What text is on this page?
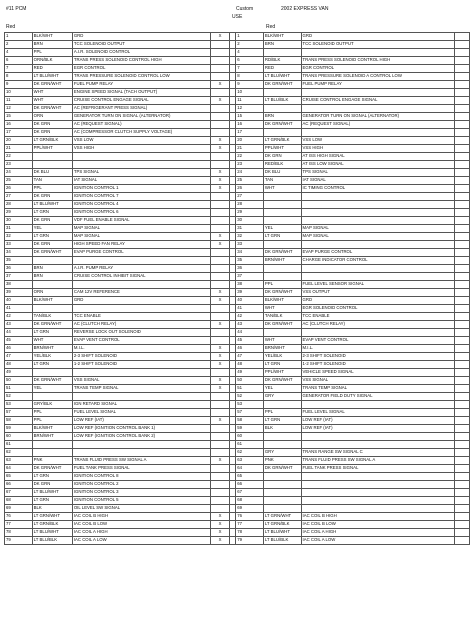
#11 PCM	Custom	2002 EXPRESS VAN
USE
Red	Red
1	BLK/WHT	GRD	X		1	BLK/WHT	GRD	
2	BRN	TCC SOLENOID OUTPUT			2	BRN	TCC SOLENOID OUTPUT	
4	PPL	A.I.R. SOLENOID CONTROL			4			
6	ORN/BLK	TRANS PRESS SOLENOID CONTROL HIGH			6	RD/BLK	TRANS PRESS SOLENOID CONTROL HIGH	
7	RED	EGR CONTROL			7	RED	EGR CONTROL	
8	LT BLU/WHT	TRANS PRESSURE SOLENOID CONTROL LOW			8	LT BLU/WHT	TRANS PRESSURE SOLENOID A CONTROL LOW	
9	DK GRN/WHT	FUEL PUMP RELAY	X		9	DK GRN/WHT	FUEL PUMP RELAY	
10	WHT	ENGINE SPEED SIGNAL (TACH OUTPUT)			10			
11	WHT	CRUISE CONTROL ENGAGE SIGNAL	X		11	LT BLU/BLK	CRUISE CONTROL ENGAGE SIGNAL	
12	DK GRN/WHT	AC (REFRIGERANT PRESS SIGNAL)			12			
15	ORN	GENERATOR TURN ON SIGNAL (ALTERNATOR)			15	BRN	GENERATOR TURN ON SIGNAL (ALTERNATOR)	
16	DK GRN	AC (REQUEST SIGNAL)			16	DK GRN/WHT	AC (REQUEST SIGNAL)	
17	DK GRN	AC (COMPRESSOR CLUTCH SUPPLY VOLTAGE)			17			
20	LT GRN/BLK	VSS LOW	X		20	LT GRN/BLK	VSS LOW	
21	PPL/WHT	VSS HIGH	X		21	PPL/WHT	VSS HIGH	
22					22	DK GRN	AT ISS HIGH SIGNAL	
23					23	RED/BLK	AT ISS LOW SIGNAL	
24	DK BLU	TPS SIGNAL	X		24	DK BLU	TPS SIGNAL	
25	TAN	IAT SIGNAL	X		25	TAN	IAT SIGNAL	
26	PPL	IGNITION CONTROL 1	X		26	WHT	IC TIMING CONTROL	
27	DK GRN	IGNITION CONTROL 7			27			
28	LT BLU/WHT	IGNITION CONTROL 4			28			
29	LT GRN	IGNITION CONTROL 6			29			
30	DK GRN	VDF FUEL ENABLE SIGNAL			30			
31	YEL	MAP SIGNAL			31	YEL	MAP SIGNAL	
32	LT GRN	MAP SIGNAL	X		32	LT GRN	MAP SIGNAL	
33	DK GRN	HIGH SPEED FAN RELAY	X		33			
34	DK GRN/WHT	EVAP PURGE CONTROL			34	DK GRN/WHT	EVAP PURGE CONTROL	
35					35	BRN/WHT	CHARGE INDICATOR CONTROL	
36	BRN	A.I.R. PUMP RELAY			36			
37	BRN	CRUISE CONTROL INHIBIT SIGNAL			37			
38					38	PPL	FUEL LEVEL SENSOR SIGNAL	
39	ORN	CAM 12V REFERENCE	X		39	DK GRN/WHT	VSS OUTPUT	
40	BLK/WHT	GRD	X		40	BLK/WHT	GRD	
41					41	WHT	EGR SOLENOID CONTROL	
42	TAN/BLK	TCC ENABLE			42	TAN/BLK	TCC ENABLE	
43	DK GRN/WHT	AC (CLUTCH RELAY)	X		43	DK GRN/WHT	AC (CLUTCH RELAY)	
44	LT GRN	REVERSE LOCK OUT SOLENOID			44			
45	WHT	EVAP VENT CONTROL			45	WHT	EVAP VENT CONTROL	
46	BRN/WHT	M.I.L.	X		46	BRN/WHT	M.I.L.	
47	YEL/BLK	2-3 SHIFT SOLENOID	X		47	YEL/BLK	2-3 SHIFT SOLENOID	
48	LT GRN	1-2 SHIFT SOLENOID	X		48	LT GRN	1-2 SHIFT SOLENOID	
49					49	PPL/WHT	VEHICLE SPEED SIGNAL	
50	DK GRN/WHT	VSS SIGNAL	X		50	DK GRN/WHT	VSS SIGNAL	
51	YEL	TRANS TEMP SIGNAL	X		51	YEL	TRANS TEMP SIGNAL	
52					52	GRY	GENERATOR FIELD DUTY SIGNAL	
53	GRY/BLK	IGN RETARD SIGNAL			53			
57	PPL	FUEL LEVEL SIGNAL			57	PPL	FUEL LEVEL SIGNAL	
58	PPL	LOW REF (IAT)	X		58	LT GRN	LOW REF (IAT)	
59	BLK/WHT	LOW REF (IGNITION CONTROL BANK 1)			59	BLK	LOW REF (IAT)	
60	BRN/WHT	LOW REF (IGNITION CONTROL BANK 2)			60			
61					61			
62					62	GRY	TRANS RANGE SW SIGNAL C	
63	PNK	TRANS FLUID PRESS SW SIGNAL A	X		63	PNK	TRANS FLUID PRESS SW SIGNAL A	
64	DK GRN/WHT	FUEL TANK PRESS SIGNAL			64	DK GRN/WHT	FUEL TANK PRESS SIGNAL	
65	LT GRN	IGNITION CONTROL 8			65			
66	DK GRN	IGNITION CONTROL 2			66			
67	LT BLU/WHT	IGNITION CONTROL 3			67			
68	LT GRN	IGNITION CONTROL 5			68			
69	BLK	OIL LEVEL SW SIGNAL			69			
76	LT GRN/WHT	IAC COIL B HIGH	X		76	LT GRN/WHT	IAC COIL B HIGH	
77	LT GRN/BLK	IAC COIL B LOW	X		77	LT GRN/BLK	IAC COIL B LOW	
78	LT BLU/WHT	IAC COIL A HIGH	X		78	LT BLU/WHT	IAC COIL A HIGH	
79	LT BLU/BLK	IAC COIL A LOW	X		79	LT BLU/BLK	IAC COIL A LOW	
